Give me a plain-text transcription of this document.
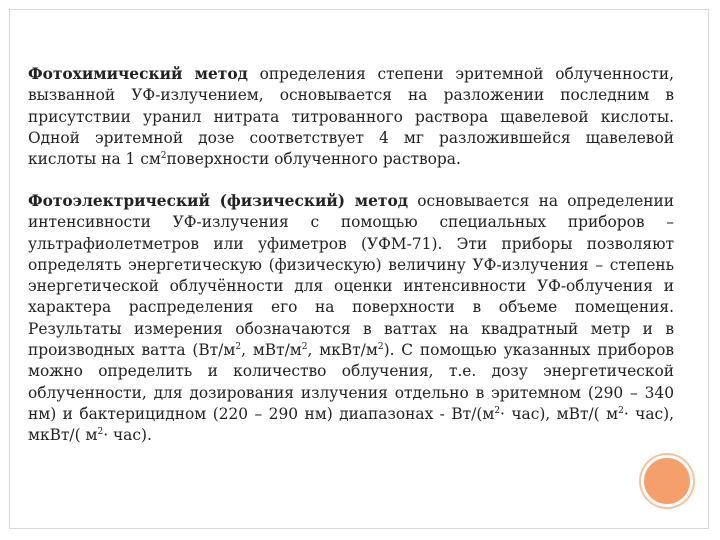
Фотохимический метод определения степени эритемной облученности, вызванной УФ-излучением, основывается на разложении последним в присутствии уранил нитрата титрованного раствора щавелевой кислоты. Одной эритемной дозе соответствует 4 мг разложившейся щавелевой кислоты на 1 $см^2поверхности$ облученного раствора.
Фотоэлектрический (физический) метод основывается на определении интенсивности УФ-излучения с помощью специальных приборов – ультрафиолетметров или уфиметров (УФМ-71). Эти приборы позволяют определять энергетическую (физическую) величину УФ-излучения – степень энергетической облучённости для оценки интенсивности УФ-облучения и характера распределения его на поверхности в объеме помещения. Результаты измерения обозначаются в ваттах на квадратный метр и в производных ватта ($Вт/м^2$, мВт/$м^2$, мкВт/$м^2$). С помощью указанных приборов можно определить и количество облучения, т.е. дозу энергетической облученности, для дозирования излучения отдельно в эритемном (290 – 340 нм) и бактерицидном (220 – 290 нм) диапазонах - $Вт/(м^2\cdot час)$, мВт/( $м^2\cdot час$), мкВт/( $м^2\cdot час$).
